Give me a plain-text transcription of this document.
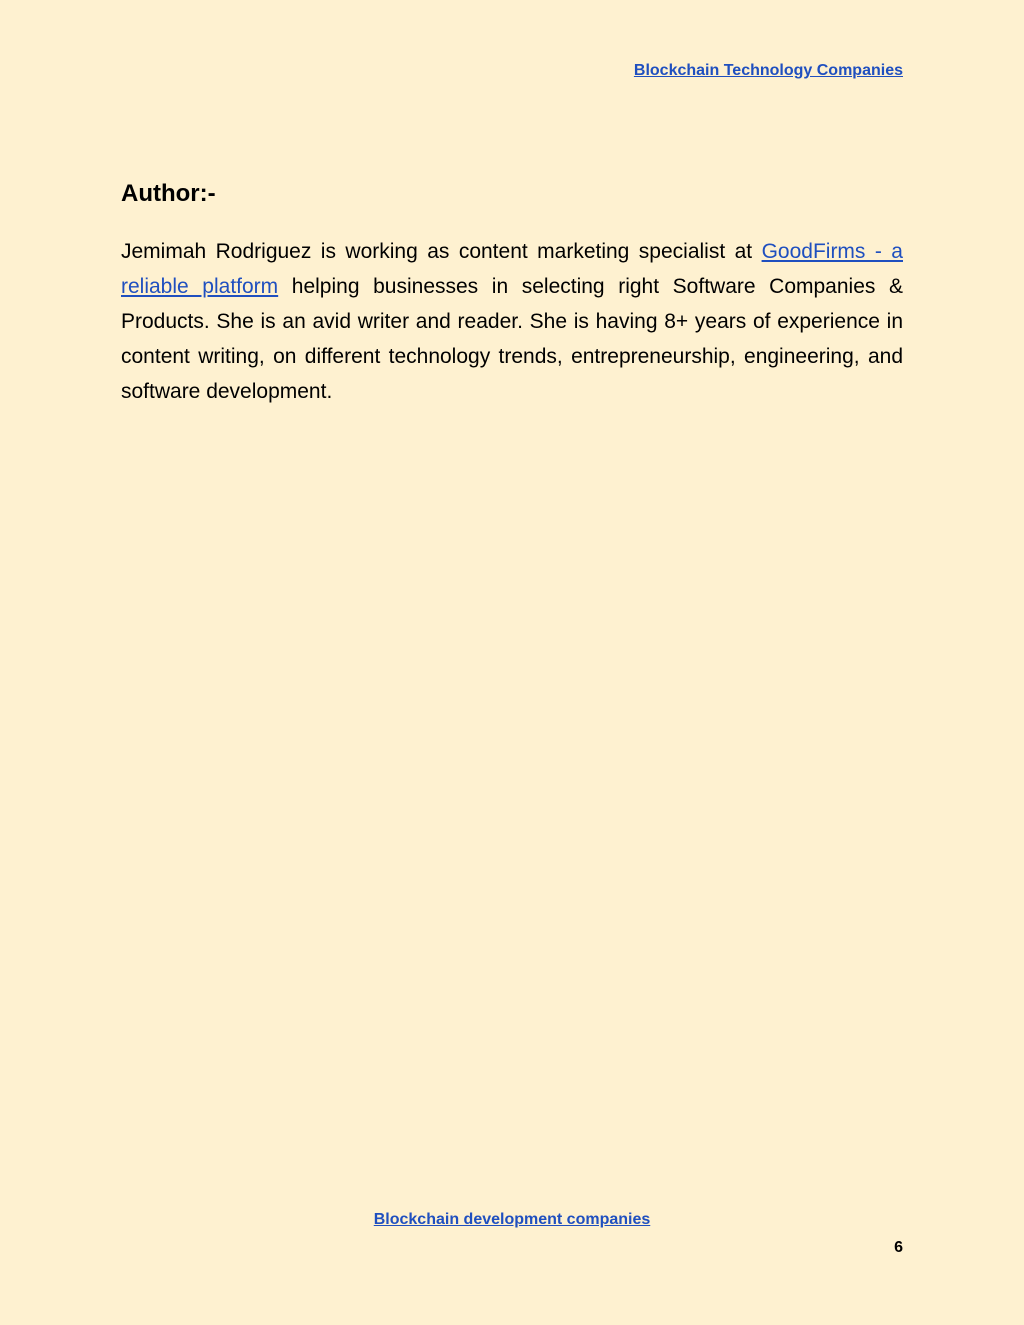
Blockchain Technology Companies
Author:-

Jemimah Rodriguez is working as content marketing specialist at GoodFirms - a reliable platform helping businesses in selecting right Software Companies & Products. She is an avid writer and reader. She is having 8+ years of experience in content writing, on different technology trends, entrepreneurship, engineering, and software development.

Blockchain development companies
6
